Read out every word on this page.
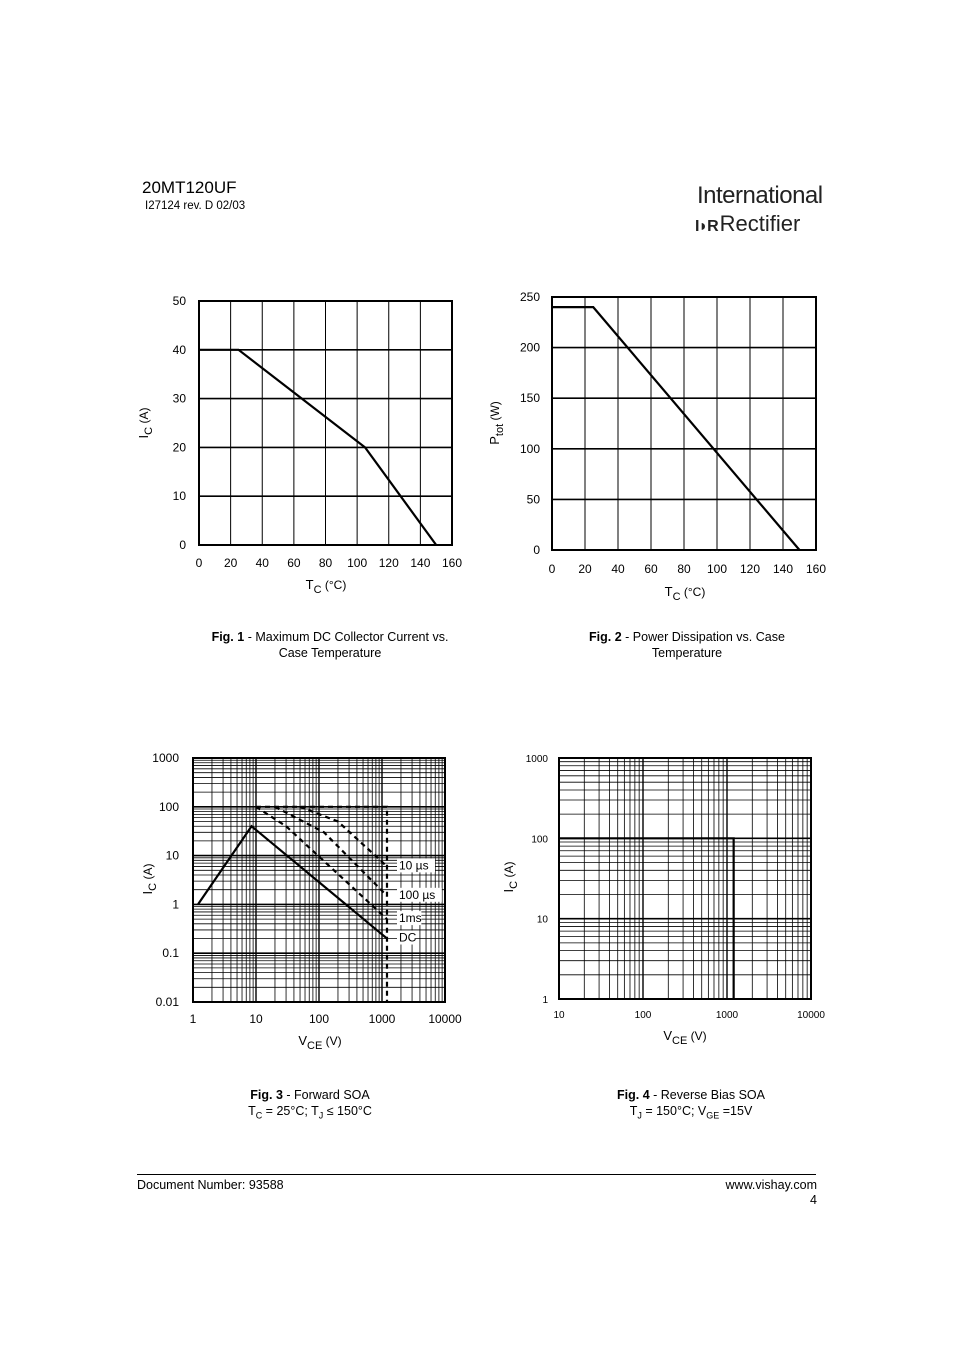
20MT120UF
I27124 rev. D 02/03	International
I◗RRectifier
0 20 40 60 80 100 120 140 160
0
10
20
30
40
50
$I_C$ (A)
$T_C$ (°C)
0 20 40 60 80 100 120 140 160
0
50
100
150
200
250
$P_{tot}$ (W)
$T_C$ (°C)
1	10	100	1000	10000
0.01
0.1
1
10
100
1000
10 µs
100 µs
1ms
DC
$I_C$ (A)
$V_{CE}$ (V)
10	100	1000	10000
1
10
100
1000
$I_C$ (A)
$V_{CE}$ (V)
Fig. 1 - Maximum DC Collector Current vs.
Case Temperature
Fig. 2 - Power Dissipation vs. Case
Temperature
Fig. 3 - Forward SOA
$T_C = 25^\circ C$; $T_J \le 150^\circ C$
Fig. 4 - Reverse Bias SOA
$T_J = 150^\circ C$; $V_{GE} =15V$
Document Number: 93588	www.vishay.com
4
